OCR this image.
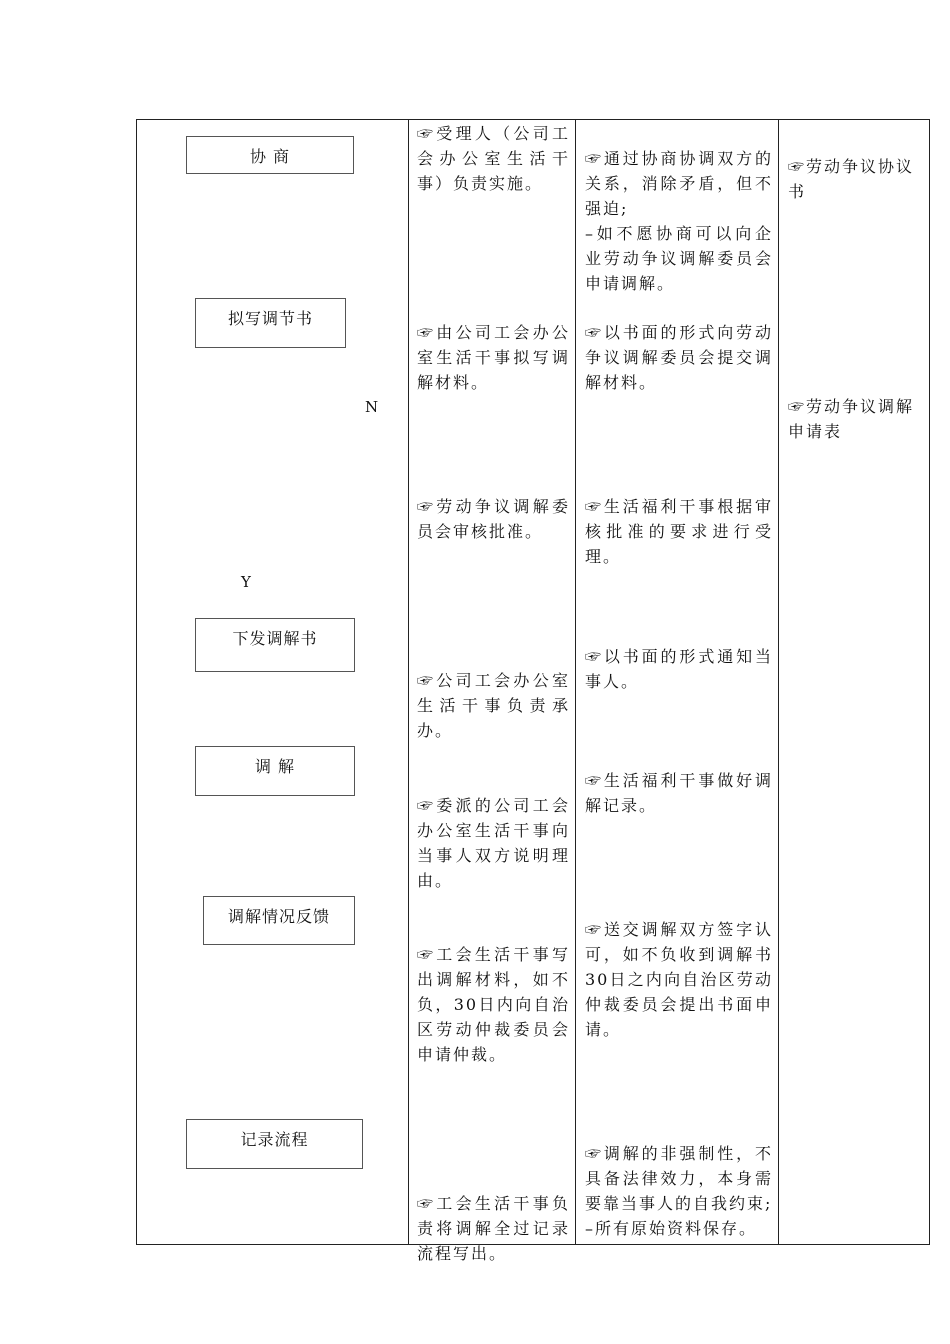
协 商
拟写调节书
下发调解书
调 解
调解情况反馈
记录流程
N
Y
☞受理人（公司工会办公室生活干事）负责实施。
☞由公司工会办公室生活干事拟写调解材料。
☞劳动争议调解委员会审核批准。
☞公司工会办公室生活干事负责承办。
☞委派的公司工会办公室生活干事向当事人双方说明理由。
☞工会生活干事写出调解材料，如不负，30日内向自治区劳动仲裁委员会申请仲裁。
☞工会生活干事负责将调解全过记录流程写出。
☞通过协商协调双方的关系，消除矛盾，但不强迫;
–如不愿协商可以向企业劳动争议调解委员会申请调解。
☞以书面的形式向劳动争议调解委员会提交调解材料。
☞生活福利干事根据审核批准的要求进行受理。
☞以书面的形式通知当事人。
☞生活福利干事做好调解记录。
☞送交调解双方签字认可，如不负收到调解书30日之内向自治区劳动仲裁委员会提出书面申请。
☞调解的非强制性，不具备法律效力，本身需要靠当事人的自我约束;
–所有原始资料保存。
☞劳动争议协议书
☞劳动争议调解申请表
